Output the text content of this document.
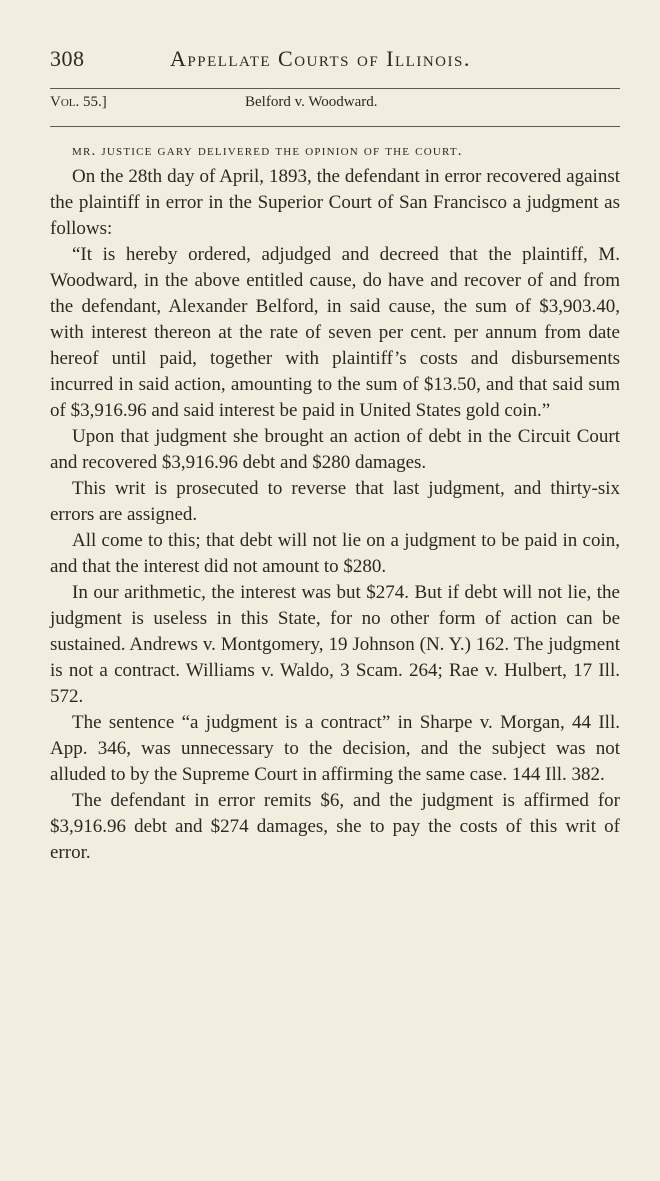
308	Appellate Courts of Illinois.
Vol. 55.]	Belford v. Woodward.

mr. justice gary delivered the opinion of the court.

On the 28th day of April, 1893, the defendant in error recovered against the plaintiff in error in the Superior Court of San Francisco a judgment as follows:

“It is hereby ordered, adjudged and decreed that the plaintiff, M. Woodward, in the above entitled cause, do have and recover of and from the defendant, Alexander Belford, in said cause, the sum of $3,903.40, with interest thereon at the rate of seven per cent. per annum from date hereof until paid, together with plaintiff’s costs and disbursements incurred in said action, amounting to the sum of $13.50, and that said sum of $3,916.96 and said interest be paid in United States gold coin.”

Upon that judgment she brought an action of debt in the Circuit Court and recovered $3,916.96 debt and $280 damages.

This writ is prosecuted to reverse that last judgment, and thirty-six errors are assigned.

All come to this; that debt will not lie on a judgment to be paid in coin, and that the interest did not amount to $280.

In our arithmetic, the interest was but $274. But if debt will not lie, the judgment is useless in this State, for no other form of action can be sustained. Andrews v. Montgomery, 19 Johnson (N. Y.) 162. The judgment is not a contract. Williams v. Waldo, 3 Scam. 264; Rae v. Hulbert, 17 Ill. 572.

The sentence “a judgment is a contract” in Sharpe v. Morgan, 44 Ill. App. 346, was unnecessary to the decision, and the subject was not alluded to by the Supreme Court in affirming the same case. 144 Ill. 382.

The defendant in error remits $6, and the judgment is affirmed for $3,916.96 debt and $274 damages, she to pay the costs of this writ of error.
